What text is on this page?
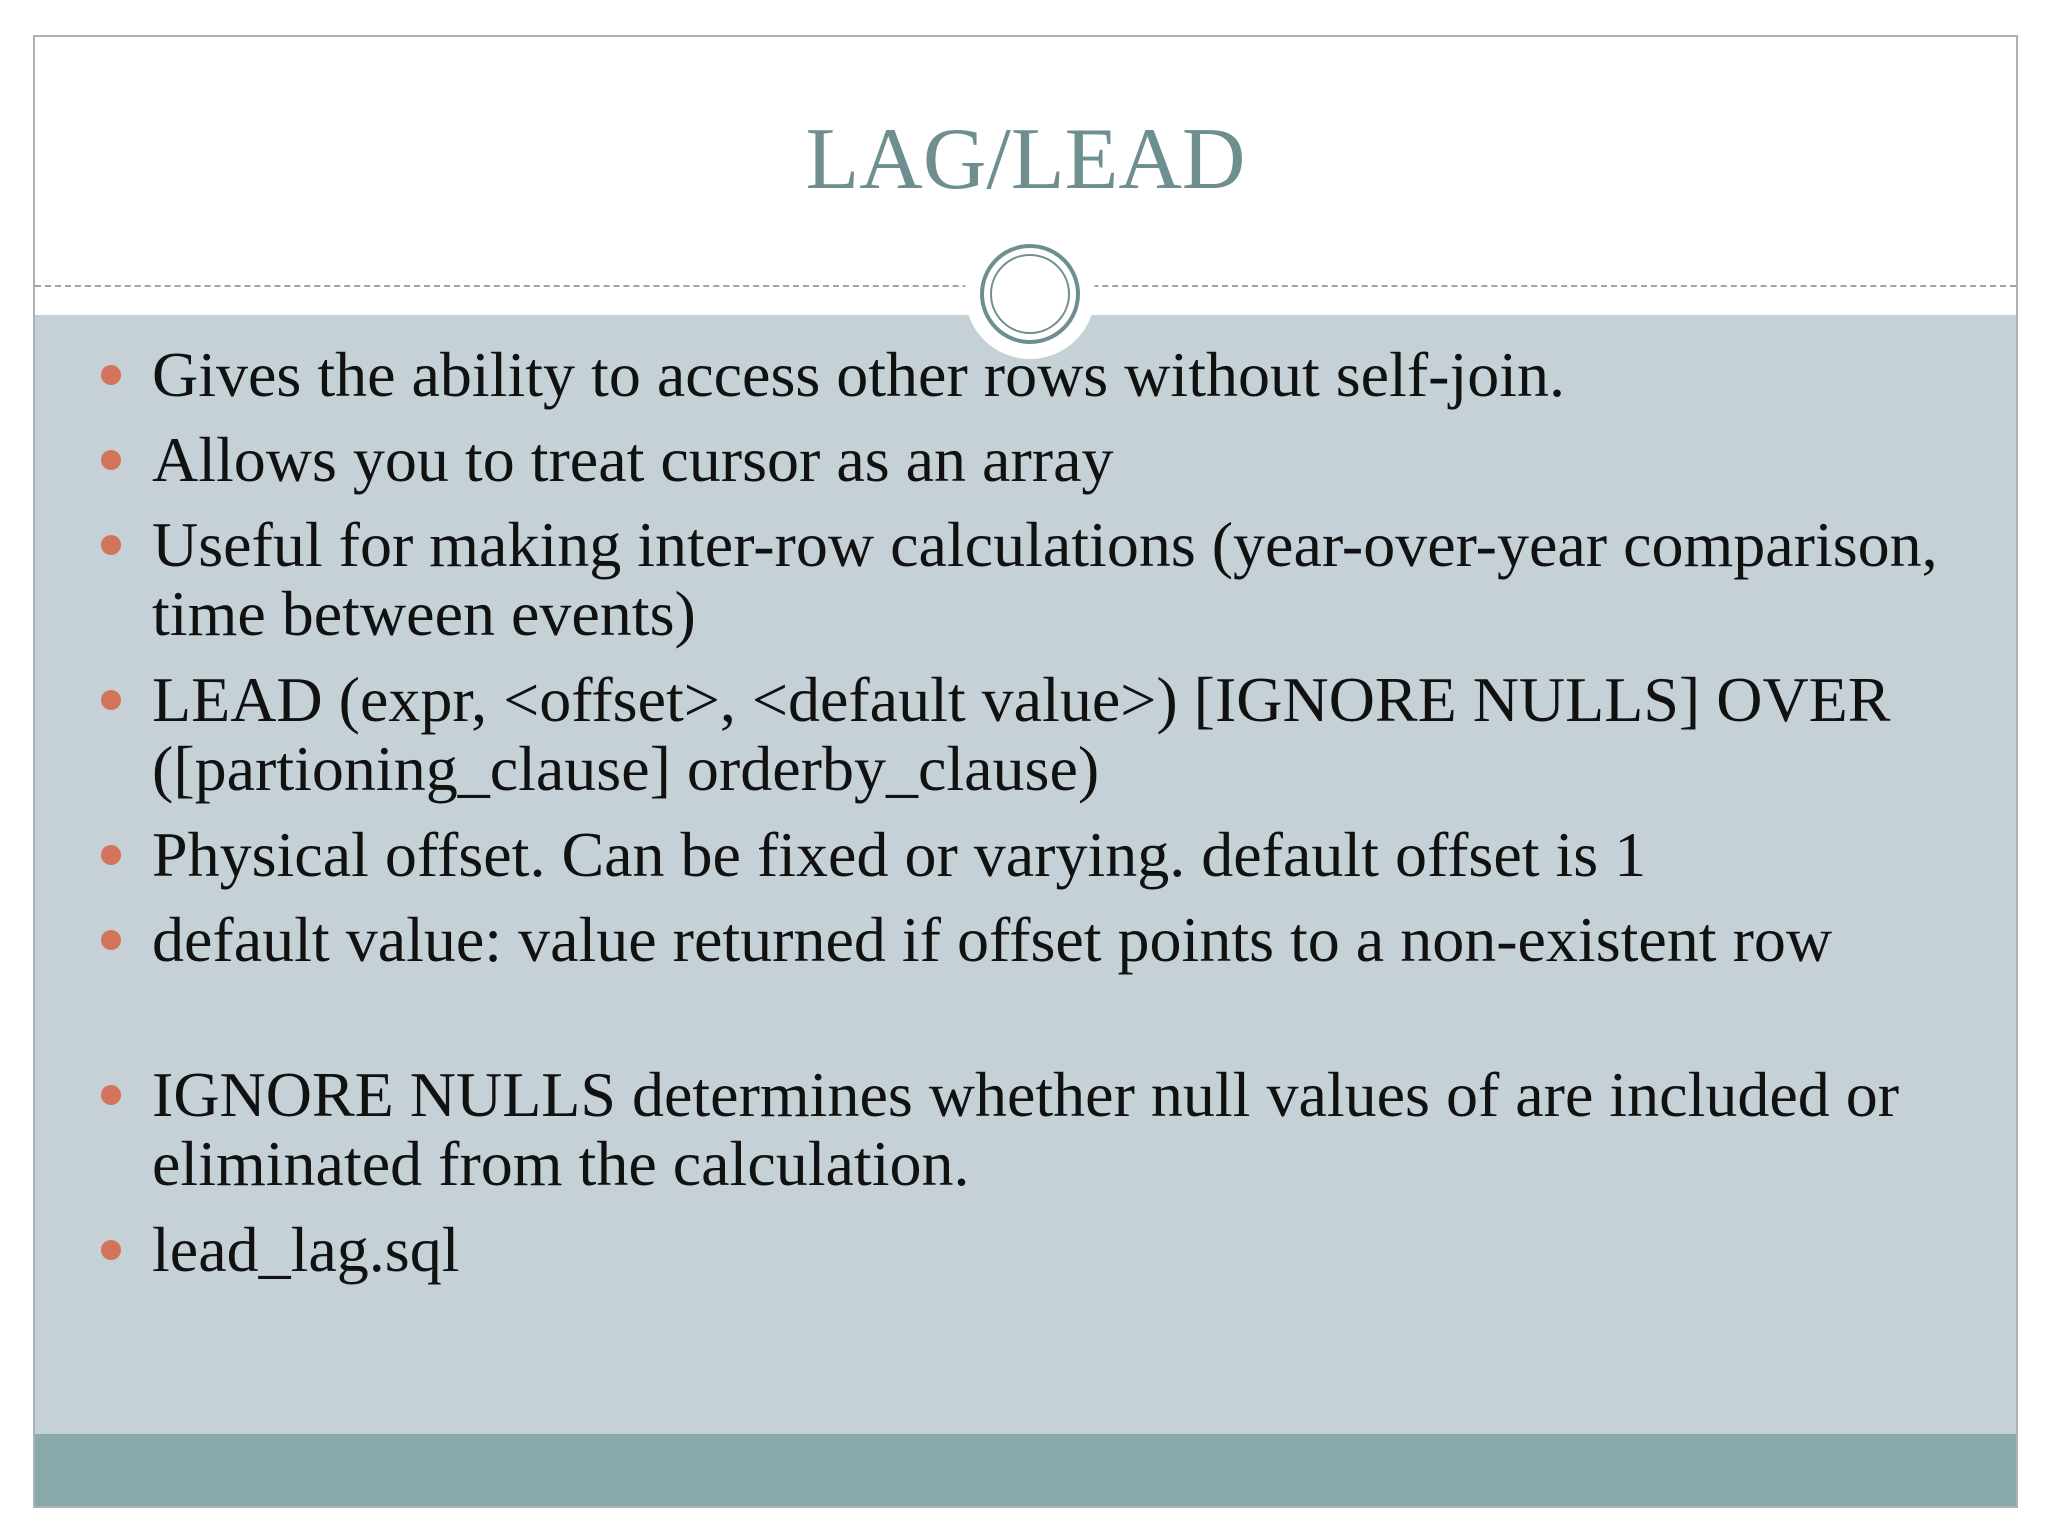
LAG/LEAD
Gives the ability to access other rows without self-join.
Allows you to treat cursor as an array
Useful for making inter-row calculations (year-over-year comparison, time between events)
LEAD (expr, <offset>, <default value>) [IGNORE NULLS] OVER ([partioning_clause] orderby_clause)
Physical offset. Can be fixed or varying. default offset is 1
default value: value returned if offset points to a non-existent row
IGNORE NULLS determines whether null values of are included or eliminated from the calculation.
lead_lag.sql
